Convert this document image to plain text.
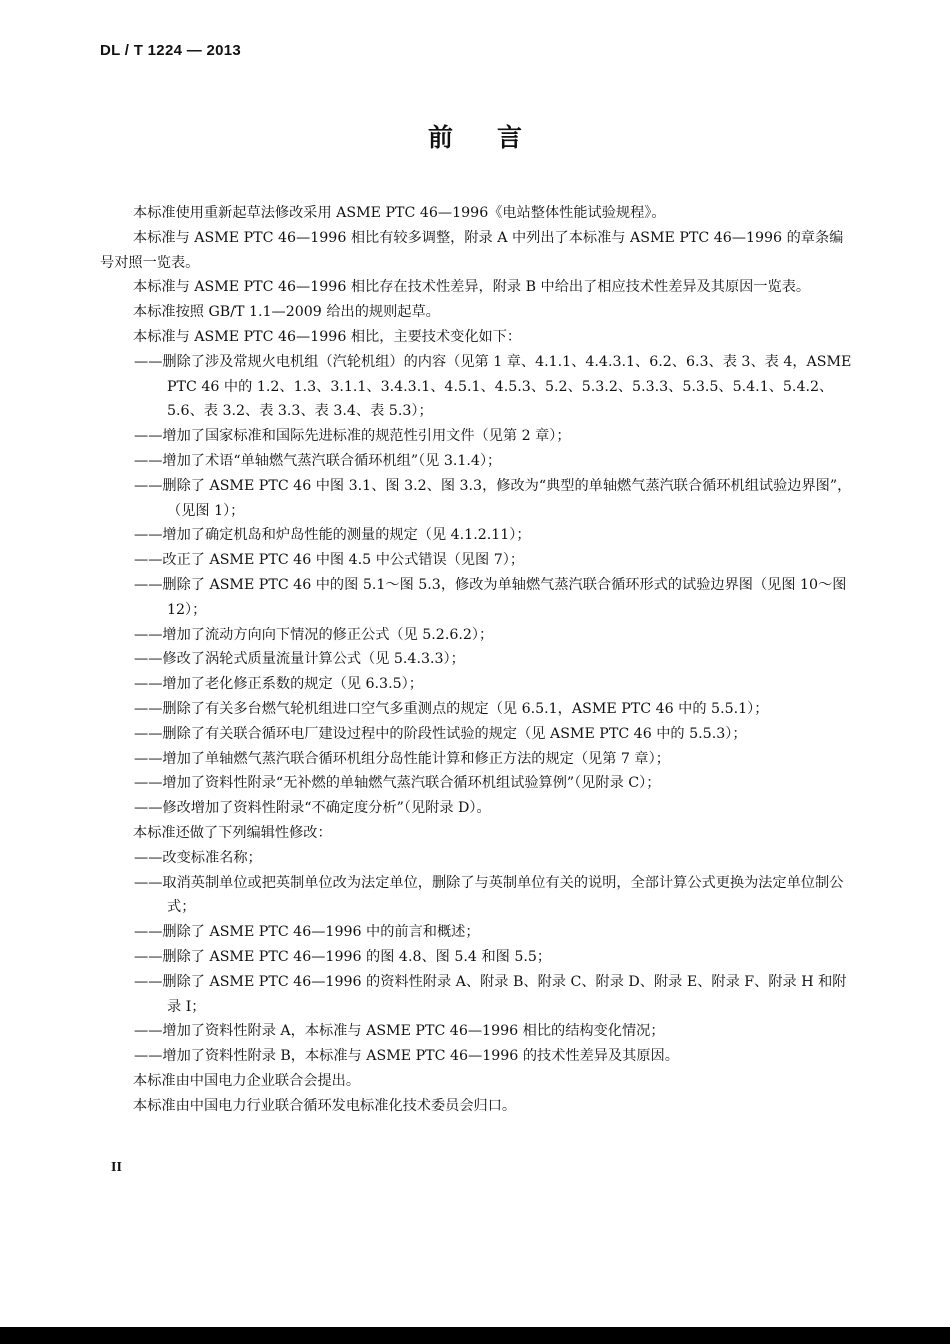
DL / T 1224 — 2013
前言

本标准使用重新起草法修改采用 ASME PTC 46—1996《电站整体性能试验规程》。

本标准与 ASME PTC 46—1996 相比有较多调整，附录 A 中列出了本标准与 ASME PTC 46—1996 的章条编号对照一览表。

本标准与 ASME PTC 46—1996 相比存在技术性差异，附录 B 中给出了相应技术性差异及其原因一览表。

本标准按照 GB/T 1.1—2009 给出的规则起草。

本标准与 ASME PTC 46—1996 相比，主要技术变化如下：

——删除了涉及常规火电机组（汽轮机组）的内容（见第 1 章、4.1.1、4.4.3.1、6.2、6.3、表 3、表 4，ASME PTC 46 中的 1.2、1.3、3.1.1、3.4.3.1、4.5.1、4.5.3、5.2、5.3.2、5.3.3、5.3.5、5.4.1、5.4.2、5.6、表 3.2、表 3.3、表 3.4、表 5.3）；

——增加了国家标准和国际先进标准的规范性引用文件（见第 2 章）；

——增加了术语“单轴燃气蒸汽联合循环机组”（见 3.1.4）；

——删除了 ASME PTC 46 中图 3.1、图 3.2、图 3.3，修改为“典型的单轴燃气蒸汽联合循环机组试验边界图”，（见图 1）；

——增加了确定机岛和炉岛性能的测量的规定（见 4.1.2.11）；

——改正了 ASME PTC 46 中图 4.5 中公式错误（见图 7）；

——删除了 ASME PTC 46 中的图 5.1～图 5.3，修改为单轴燃气蒸汽联合循环形式的试验边界图（见图 10～图 12）；

——增加了流动方向向下情况的修正公式（见 5.2.6.2）；

——修改了涡轮式质量流量计算公式（见 5.4.3.3）；

——增加了老化修正系数的规定（见 6.3.5）；

——删除了有关多台燃气轮机组进口空气多重测点的规定（见 6.5.1，ASME PTC 46 中的 5.5.1）；

——删除了有关联合循环电厂建设过程中的阶段性试验的规定（见 ASME PTC 46 中的 5.5.3）；

——增加了单轴燃气蒸汽联合循环机组分岛性能计算和修正方法的规定（见第 7 章）；

——增加了资料性附录“无补燃的单轴燃气蒸汽联合循环机组试验算例”（见附录 C）；

——修改增加了资料性附录“不确定度分析”（见附录 D）。

本标准还做了下列编辑性修改：

——改变标准名称；

——取消英制单位或把英制单位改为法定单位，删除了与英制单位有关的说明，全部计算公式更换为法定单位制公式；

——删除了 ASME PTC 46—1996 中的前言和概述；

——删除了 ASME PTC 46—1996 的图 4.8、图 5.4 和图 5.5；

——删除了 ASME PTC 46—1996 的资料性附录 A、附录 B、附录 C、附录 D、附录 E、附录 F、附录 H 和附录 I；

——增加了资料性附录 A，本标准与 ASME PTC 46—1996 相比的结构变化情况；

——增加了资料性附录 B，本标准与 ASME PTC 46—1996 的技术性差异及其原因。

本标准由中国电力企业联合会提出。

本标准由中国电力行业联合循环发电标准化技术委员会归口。

II
